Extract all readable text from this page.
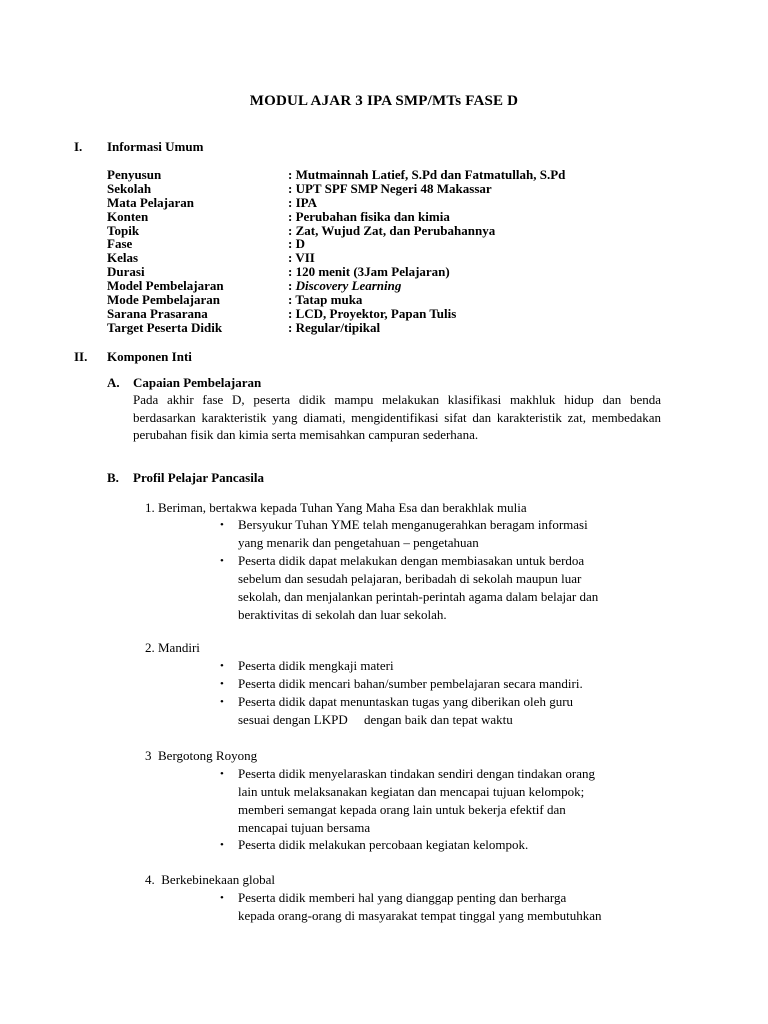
MODUL AJAR 3 IPA SMP/MTs FASE D
I. Informasi Umum
Penyusun	: Mutmainnah Latief, S.Pd dan Fatmatullah, S.Pd
Sekolah	: UPT SPF SMP Negeri 48 Makassar
Mata Pelajaran	: IPA
Konten	: Perubahan fisika dan kimia
Topik	: Zat, Wujud Zat, dan Perubahannya
Fase	: D
Kelas	: VII
Durasi	: 120 menit (3Jam Pelajaran)
Model Pembelajaran	: Discovery Learning
Mode Pembelajaran	: Tatap muka
Sarana Prasarana	: LCD, Proyektor, Papan Tulis
Target Peserta Didik	: Regular/tipikal
II. Komponen Inti
A. Capaian Pembelajaran
Pada akhir fase D, peserta didik mampu melakukan klasifikasi makhluk hidup dan benda berdasarkan karakteristik yang diamati, mengidentifikasi sifat dan karakteristik zat, membedakan perubahan fisik dan kimia serta memisahkan campuran sederhana.
B. Profil Pelajar Pancasila
1. Beriman, bertakwa kepada Tuhan Yang Maha Esa dan berakhlak mulia
• Bersyukur Tuhan YME telah menganugerahkan beragam informasi
yang menarik dan pengetahuan – pengetahuan
• Peserta didik dapat melakukan dengan membiasakan untuk berdoa
sebelum dan sesudah pelajaran, beribadah di sekolah maupun luar
sekolah, dan menjalankan perintah-perintah agama dalam belajar dan
beraktivitas di sekolah dan luar sekolah.
2. Mandiri
• Peserta didik mengkaji materi
• Peserta didik mencari bahan/sumber pembelajaran secara mandiri.
• Peserta didik dapat menuntaskan tugas yang diberikan oleh guru
sesuai dengan LKPD     dengan baik dan tepat waktu
3  Bergotong Royong
• Peserta didik menyelaraskan tindakan sendiri dengan tindakan orang
lain untuk melaksanakan kegiatan dan mencapai tujuan kelompok;
memberi semangat kepada orang lain untuk bekerja efektif dan
mencapai tujuan bersama
• Peserta didik melakukan percobaan kegiatan kelompok.
4.  Berkebinekaan global
• Peserta didik memberi hal yang dianggap penting dan berharga
kepada orang-orang di masyarakat tempat tinggal yang membutuhkan
